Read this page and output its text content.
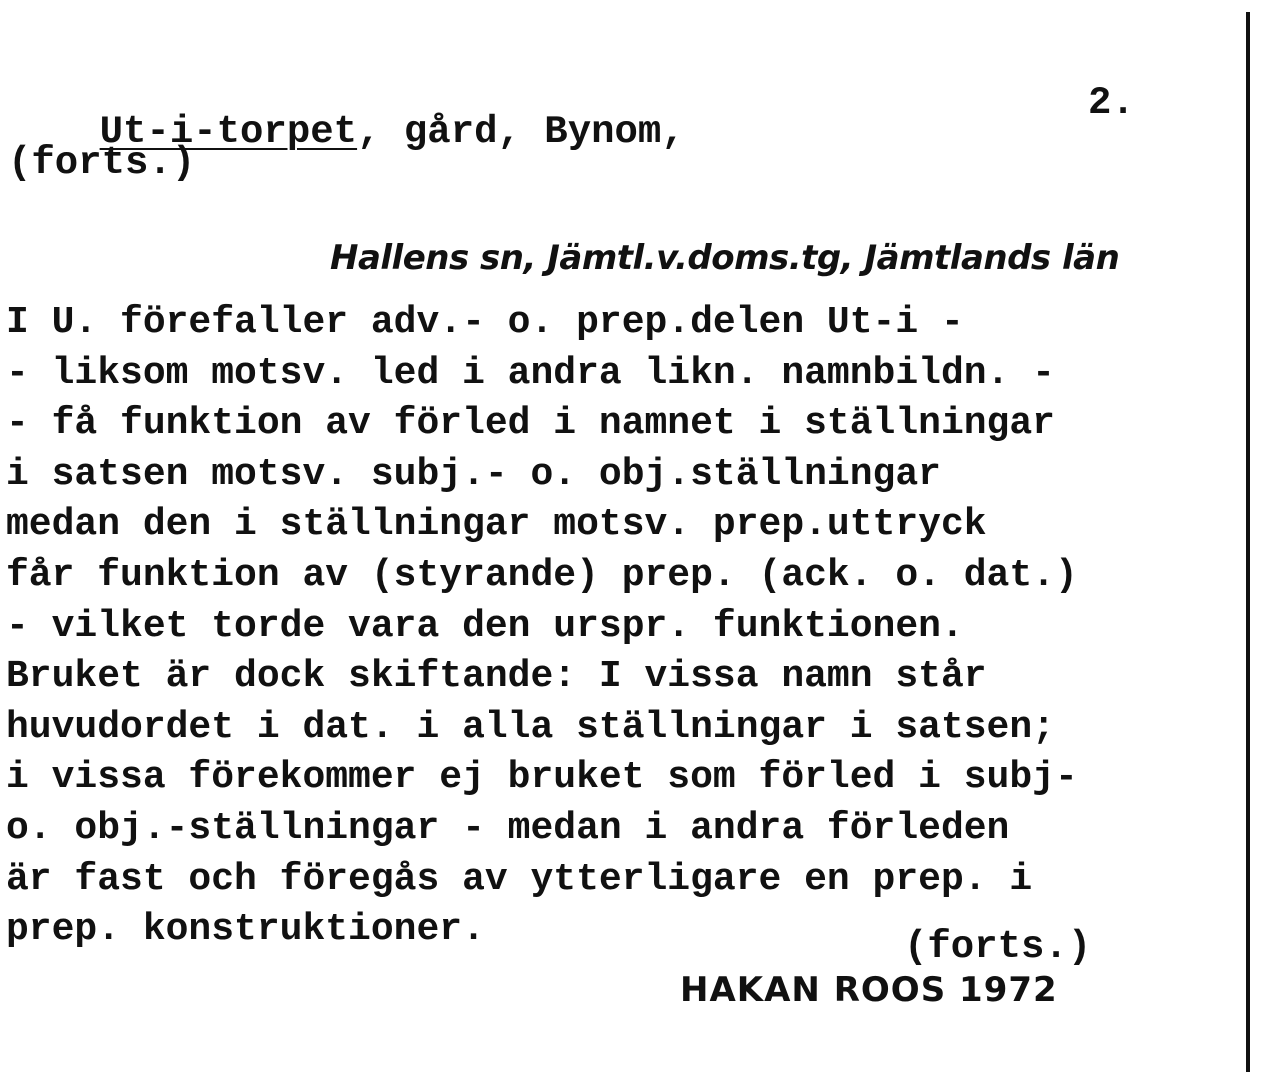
Ut-i-torpet, gård, Bynom,

2.
(forts.)
Hallens sn, Jämtl.v.doms.tg, Jämtlands län
I U. förefaller adv.- o. prep.delen Ut-i -
- liksom motsv. led i andra likn. namnbildn. -
- få funktion av förled i namnet i ställningar
i satsen motsv. subj.- o. obj.ställningar
medan den i ställningar motsv. prep.uttryck
får funktion av (styrande) prep. (ack. o. dat.)
- vilket torde vara den urspr. funktionen.
Bruket är dock skiftande: I vissa namn står
huvudordet i dat. i alla ställningar i satsen;
i vissa förekommer ej bruket som förled i subj-
o. obj.-ställningar - medan i andra förleden
är fast och föregås av ytterligare en prep. i
prep. konstruktioner.	(forts.)
HAKAN ROOS 1972
